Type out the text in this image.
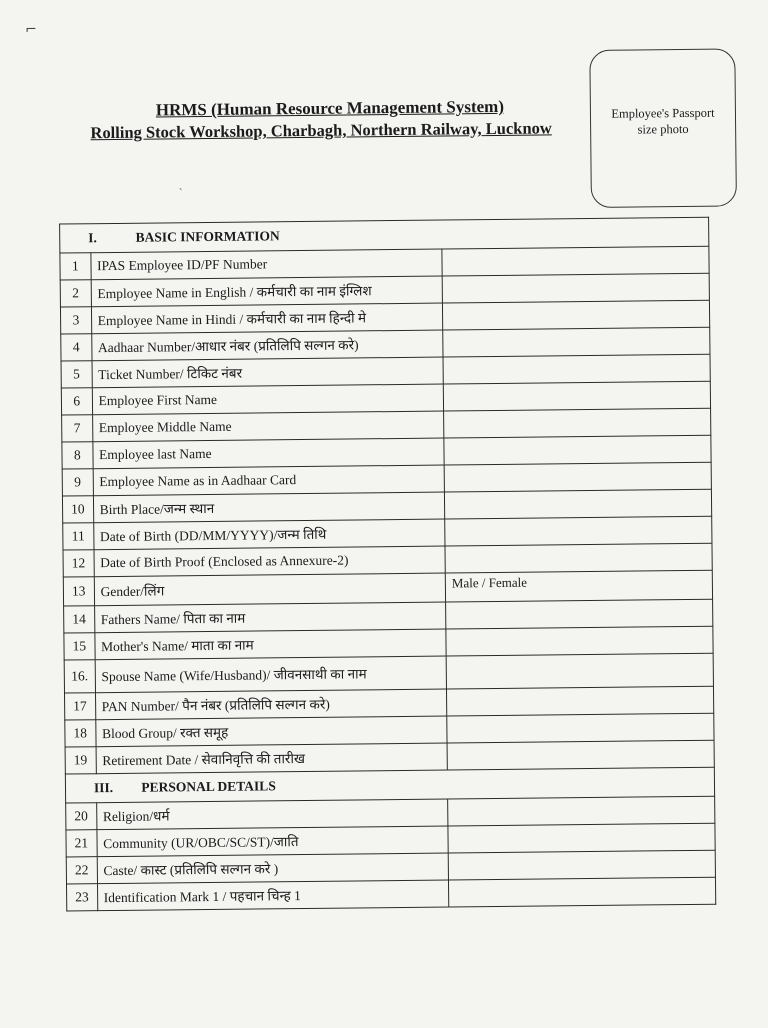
HRMS (Human Resource Management System)
Rolling Stock Workshop, Charbagh, Northern Railway, Lucknow
Employee's Passport size photo
⌐
ˋ
I. BASIC INFORMATION		
1	IPAS Employee ID/PF Number	
2	Employee Name in English / कर्मचारी का नाम इंग्लिश	
3	Employee Name in Hindi / कर्मचारी का नाम हिन्दी मे	
4	Aadhaar Number/आधार नंबर (प्रतिलिपि सल्गन करे)	
5	Ticket Number/ टिकिट नंबर	
6	Employee First Name	
7	Employee Middle Name	
8	Employee last Name	
9	Employee Name as in Aadhaar Card	
10	Birth Place/जन्म स्थान	
11	Date of Birth (DD/MM/YYYY)/जन्म तिथि	
12	Date of Birth Proof (Enclosed as Annexure-2)	
13	Gender/लिंग	Male / Female
14	Fathers Name/ पिता का नाम	
15	Mother's Name/ माता का नाम	
16.	Spouse Name (Wife/Husband)/ जीवनसाथी का नाम	
17	PAN Number/ पैन नंबर (प्रतिलिपि सल्गन करे)	
18	Blood Group/ रक्त समूह	
19	Retirement Date / सेवानिवृत्ति की तारीख	
III. PERSONAL DETAILS		
20	Religion/धर्म	
21	Community (UR/OBC/SC/ST)/जाति	
22	Caste/ कास्ट (प्रतिलिपि सल्गन करे )	
23	Identification Mark 1 / पहचान चिन्ह 1	
